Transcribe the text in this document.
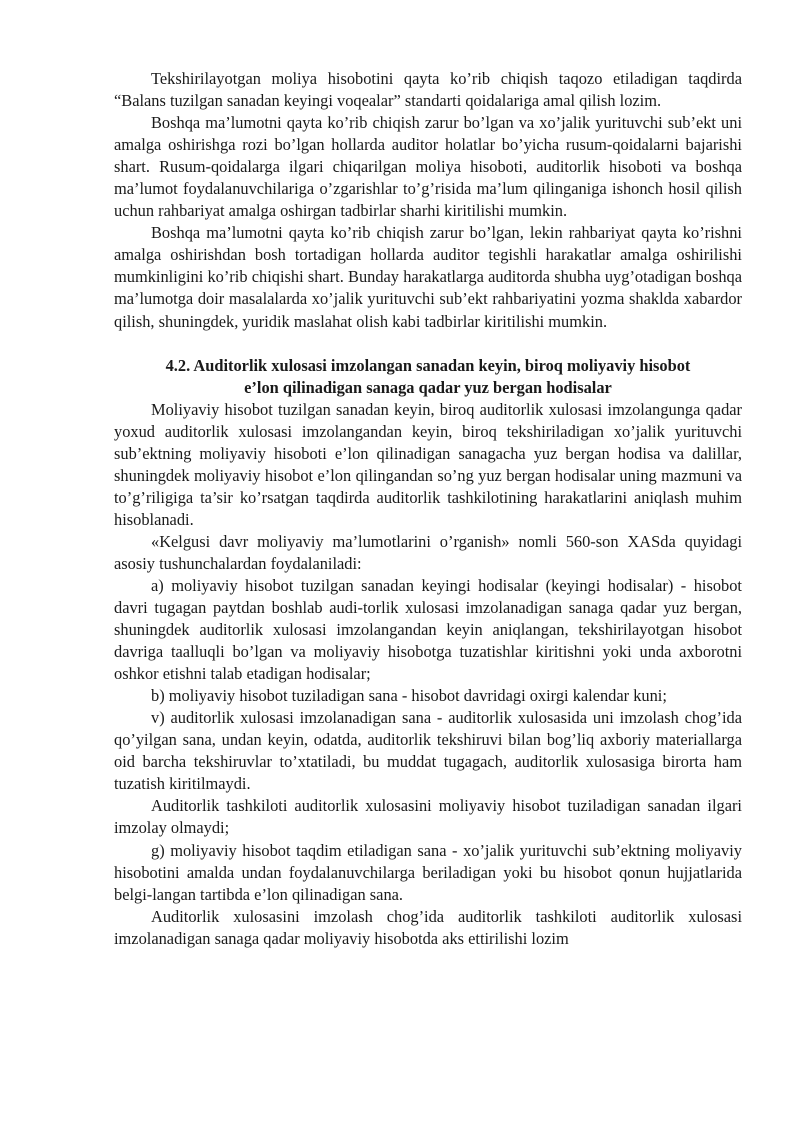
Tekshirilayotgan moliya hisobotini qayta ko’rib chiqish taqozo etiladigan taqdirda “Balans tuzilgan sanadan keyingi voqealar” standarti qoidalariga amal qilish lozim.

Boshqa ma’lumotni qayta ko’rib chiqish zarur bo’lgan va xo’jalik yurituvchi sub’ekt uni amalga oshirishga rozi bo’lgan hollarda auditor holatlar bo’yicha rusum-qoidalarni bajarishi shart. Rusum-qoidalarga ilgari chiqarilgan moliya hisoboti, auditorlik hisoboti va boshqa ma’lumot foydalanuvchilariga o’zgarishlar to’g’risida ma’lum qilinganiga ishonch hosil qilish uchun rahbariyat amalga oshirgan tadbirlar sharhi kiritilishi mumkin.

Boshqa ma’lumotni qayta ko’rib chiqish zarur bo’lgan, lekin rahbariyat qayta ko’rishni amalga oshirishdan bosh tortadigan hollarda auditor tegishli harakatlar amalga oshirilishi mumkinligini ko’rib chiqishi shart. Bunday harakatlarga auditorda shubha uyg’otadigan boshqa ma’lumotga doir masalalarda xo’jalik yurituvchi sub’ekt rahbariyatini yozma shaklda xabardor qilish, shuningdek, yuridik maslahat olish kabi tadbirlar kiritilishi mumkin.

4.2. Auditorlik xulosasi imzolangan sanadan keyin, biroq moliyaviy hisobot
e’lon qilinadigan sanaga qadar yuz bergan hodisalar

Moliyaviy hisobot tuzilgan sanadan keyin, biroq auditorlik xulosasi imzolangunga qadar yoxud auditorlik xulosasi imzolangandan keyin, biroq tekshiriladigan xo’jalik yurituvchi sub’ektning moliyaviy hisoboti e’lon qilinadigan sanagacha yuz bergan hodisa va dalillar, shuningdek moliyaviy hisobot e’lon qilingandan so’ng yuz bergan hodisalar uning mazmuni va to’g’riligiga ta’sir ko’rsatgan taqdirda auditorlik tashkilotining harakatlarini aniqlash muhim hisoblanadi.

«Kelgusi davr moliyaviy ma’lumotlarini o’rganish» nomli 560-son XASda quyidagi asosiy tushunchalardan foydalaniladi:

a) moliyaviy hisobot tuzilgan sanadan keyingi hodisalar (keyingi hodisalar) - hisobot davri tugagan paytdan boshlab audi-torlik xulosasi imzolanadigan sanaga qadar yuz bergan, shuningdek auditorlik xulosasi imzolangandan keyin aniqlangan, tekshirilayotgan hisobot davriga taalluqli bo’lgan va moliyaviy hisobotga tuzatishlar kiritishni yoki unda axborotni oshkor etishni talab etadigan hodisalar;

b) moliyaviy hisobot tuziladigan sana - hisobot davridagi oxirgi kalendar kuni;

v) auditorlik xulosasi imzolanadigan sana - auditorlik xulosasida uni imzolash chog’ida qo’yilgan sana, undan keyin, odatda, auditorlik tekshiruvi bilan bog’liq axboriy materiallarga oid barcha tekshiruvlar to’xtatiladi, bu muddat tugagach, auditorlik xulosasiga birorta ham tuzatish kiritilmaydi.

Auditorlik tashkiloti auditorlik xulosasini moliyaviy hisobot tuziladigan sanadan ilgari imzolay olmaydi;

g) moliyaviy hisobot taqdim etiladigan sana - xo’jalik yurituvchi sub’ektning moliyaviy hisobotini amalda undan foydalanuvchilarga beriladigan yoki bu hisobot qonun hujjatlarida belgi-langan tartibda e’lon qilinadigan sana.

Auditorlik xulosasini imzolash chog’ida auditorlik tashkiloti auditorlik xulosasi imzolanadigan sanaga qadar moliyaviy hisobotda aks ettirilishi lozim
